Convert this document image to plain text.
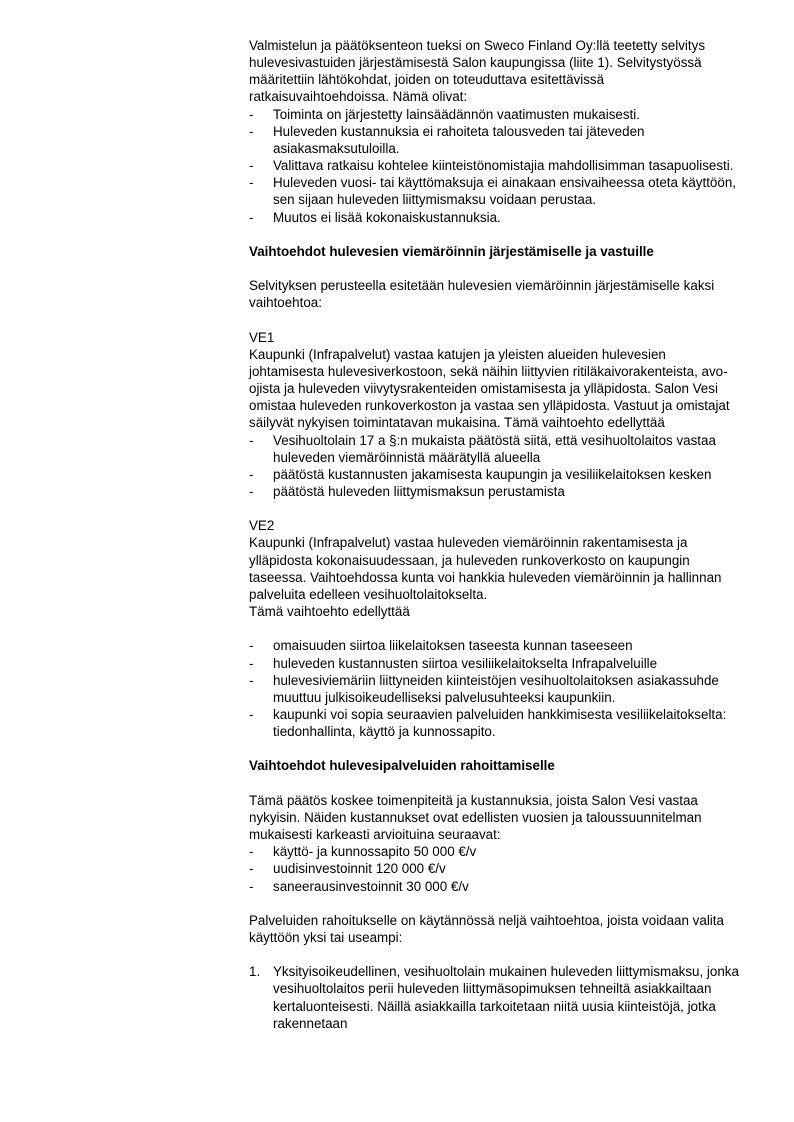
Valmistelun ja päätöksenteon tueksi on Sweco Finland Oy:llä teetetty selvitys hulevesivastuiden järjestämisestä Salon kaupungissa (liite 1). Selvitystyössä määritettiin lähtökohdat, joiden on toteuduttava esitettävissä ratkaisuvaihtoehdoissa. Nämä olivat:

- Toiminta on järjestetty lainsäädännön vaatimusten mukaisesti.
- Huleveden kustannuksia ei rahoiteta talousveden tai jäteveden asiakasmaksutuloilla.
- Valittava ratkaisu kohtelee kiinteistönomistajia mahdollisimman tasapuolisesti.
- Huleveden vuosi- tai käyttömaksuja ei ainakaan ensivaiheessa oteta käyttöön, sen sijaan huleveden liittymismaksu voidaan perustaa.
- Muutos ei lisää kokonaiskustannuksia.

Vaihtoehdot hulevesien viemäröinnin järjestämiselle ja vastuille

Selvityksen perusteella esitetään hulevesien viemäröinnin järjestämiselle kaksi vaihtoehtoa:

VE1

Kaupunki (Infrapalvelut) vastaa katujen ja yleisten alueiden hulevesien johtamisesta hulevesiverkostoon, sekä näihin liittyvien ritiläkaivorakenteista, avo-ojista ja huleveden viivytysrakenteiden omistamisesta ja ylläpidosta. Salon Vesi omistaa huleveden runkoverkoston ja vastaa sen ylläpidosta. Vastuut ja omistajat säilyvät nykyisen toimintatavan mukaisina. Tämä vaihtoehto edellyttää

- Vesihuoltolain 17 a §:n mukaista päätöstä siitä, että vesihuoltolaitos vastaa huleveden viemäröinnistä määrätyllä alueella
- päätöstä kustannusten jakamisesta kaupungin ja vesiliikelaitoksen kesken
- päätöstä huleveden liittymismaksun perustamista

VE2

Kaupunki (Infrapalvelut) vastaa huleveden viemäröinnin rakentamisesta ja ylläpidosta kokonaisuudessaan, ja huleveden runkoverkosto on kaupungin taseessa. Vaihtoehdossa kunta voi hankkia huleveden viemäröinnin ja hallinnan palveluita edelleen vesihuoltolaitokselta.

Tämä vaihtoehto edellyttää

- omaisuuden siirtoa liikelaitoksen taseesta kunnan taseeseen
- huleveden kustannusten siirtoa vesiliikelaitokselta Infrapalveluille
- hulevesiviemäriin liittyneiden kiinteistöjen vesihuoltolaitoksen asiakassuhde muuttuu julkisoikeudelliseksi palvelusuhteeksi kaupunkiin.
- kaupunki voi sopia seuraavien palveluiden hankkimisesta vesiliikelaitokselta: tiedonhallinta, käyttö ja kunnossapito.

Vaihtoehdot hulevesipalveluiden rahoittamiselle

Tämä päätös koskee toimenpiteitä ja kustannuksia, joista Salon Vesi vastaa nykyisin. Näiden kustannukset ovat edellisten vuosien ja taloussuunnitelman mukaisesti karkeasti arvioituina seuraavat:

- käyttö- ja kunnossapito 50 000 €/v
- uudisinvestoinnit 120 000 €/v
- saneerausinvestoinnit 30 000 €/v

Palveluiden rahoitukselle on käytännössä neljä vaihtoehtoa, joista voidaan valita käyttöön yksi tai useampi:

1. Yksityisoikeudellinen, vesihuoltolain mukainen huleveden liittymismaksu, jonka vesihuoltolaitos perii huleveden liittymäsopimuksen tehneiltä asiakkailtaan kertaluonteisesti. Näillä asiakkailla tarkoitetaan niitä uusia kiinteistöjä, jotka rakennetaan
